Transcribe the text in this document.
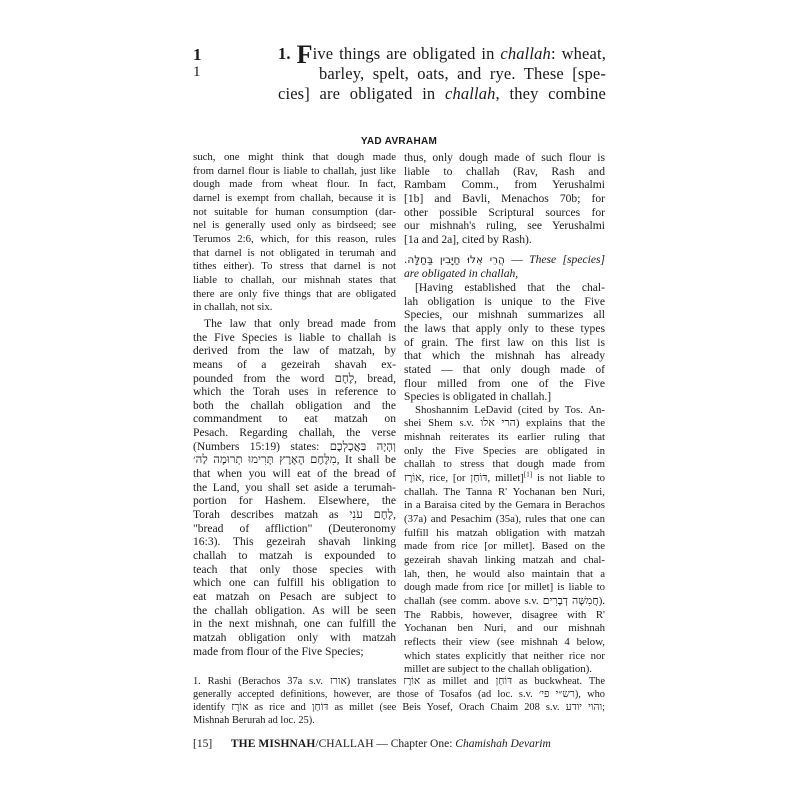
1
1
1. Five things are obligated in challah: wheat,
barley, spelt, oats, and rye. These [spe-
cies] are obligated in challah, they combine
YAD AVRAHAM

such, one might think that dough made
from darnel flour is liable to challah, just like
dough made from wheat flour. In fact,
darnel is exempt from challah, because it is
not suitable for human consumption (dar-
nel is generally used only as birdseed; see
Terumos 2:6, which, for this reason, rules
that darnel is not obligated in terumah and
tithes either). To stress that darnel is not
liable to challah, our mishnah states that
there are only five things that are obligated
in challah, not six.

The law that only bread made from
the Five Species is liable to challah is
derived from the law of matzah, by
means of a gezeirah shavah ex-
pounded from the word לֶחֶם, bread,
which the Torah uses in reference to
both the challah obligation and the
commandment to eat matzah on
Pesach. Regarding challah, the verse
(Numbers 15:19) states: וְהָיָה בַּאֲכָלְכֶם
מִלֶּחֶם הָאָרֶץ תָּרִימוּ תְרוּמָה לַה׳, It shall be
that when you will eat of the bread of
the Land, you shall set aside a terumah-
portion for Hashem. Elsewhere, the
Torah describes matzah as לֶחֶם עֹנִי,
"bread of affliction" (Deuteronomy
16:3). This gezeirah shavah linking
challah to matzah is expounded to
teach that only those species with
which one can fulfill his obligation to
eat matzah on Pesach are subject to
the challah obligation. As will be seen
in the next mishnah, one can fulfill the
matzah obligation only with matzah
made from flour of the Five Species;

thus, only dough made of such flour is
liable to challah (Rav, Rash and
Rambam Comm., from Yerushalmi
[1b] and Bavli, Menachos 70b; for
other possible Scriptural sources for
our mishnah's ruling, see Yerushalmi
[1a and 2a], cited by Rash).

הֲרֵי אֵלוּ חַיָּבִין בַּחַלָּה. — These [species]
are obligated in challah,

[Having established that the chal-
lah obligation is unique to the Five
Species, our mishnah summarizes all
the laws that apply only to these types
of grain. The first law on this list is
that which the mishnah has already
stated — that only dough made of
flour milled from one of the Five
Species is obligated in challah.]

Shoshannim LeDavid (cited by Tos. An-
shei Shem s.v. הרי אלו) explains that the
mishnah reiterates its earlier ruling that
only the Five Species are obligated in
challah to stress that dough made from
אוֹרֶז, rice, [or דּוֹחַן, millet][1] is not liable to
challah. The Tanna R' Yochanan ben Nuri,
in a Baraisa cited by the Gemara in Berachos
(37a) and Pesachim (35a), rules that one can
fulfill his matzah obligation with matzah
made from rice [or millet]. Based on the
gezeirah shavah linking matzah and chal-
lah, then, he would also maintain that a
dough made from rice [or millet] is liable to
challah (see comm. above s.v. חֲמִשָּׁה דְבָרִים).
The Rabbis, however, disagree with R'
Yochanan ben Nuri, and our mishnah
reflects their view (see mishnah 4 below,
which states explicitly that neither rice nor
millet are subject to the challah obligation).

1. Rashi (Berachos 37a s.v. אורז) translates אוֹרֶז as millet and דּוֹחַן as buckwheat. The
generally accepted definitions, however, are those of Tosafos (ad loc. s.v. רש״י פי׳), who
identify אוֹרֶז as rice and דּוֹחַן as millet (see Beis Yosef, Orach Chaim 208 s.v. והוי יודע;
Mishnah Berurah ad loc. 25).
[15] THE MISHNAH/CHALLAH — Chapter One: Chamishah Devarim
